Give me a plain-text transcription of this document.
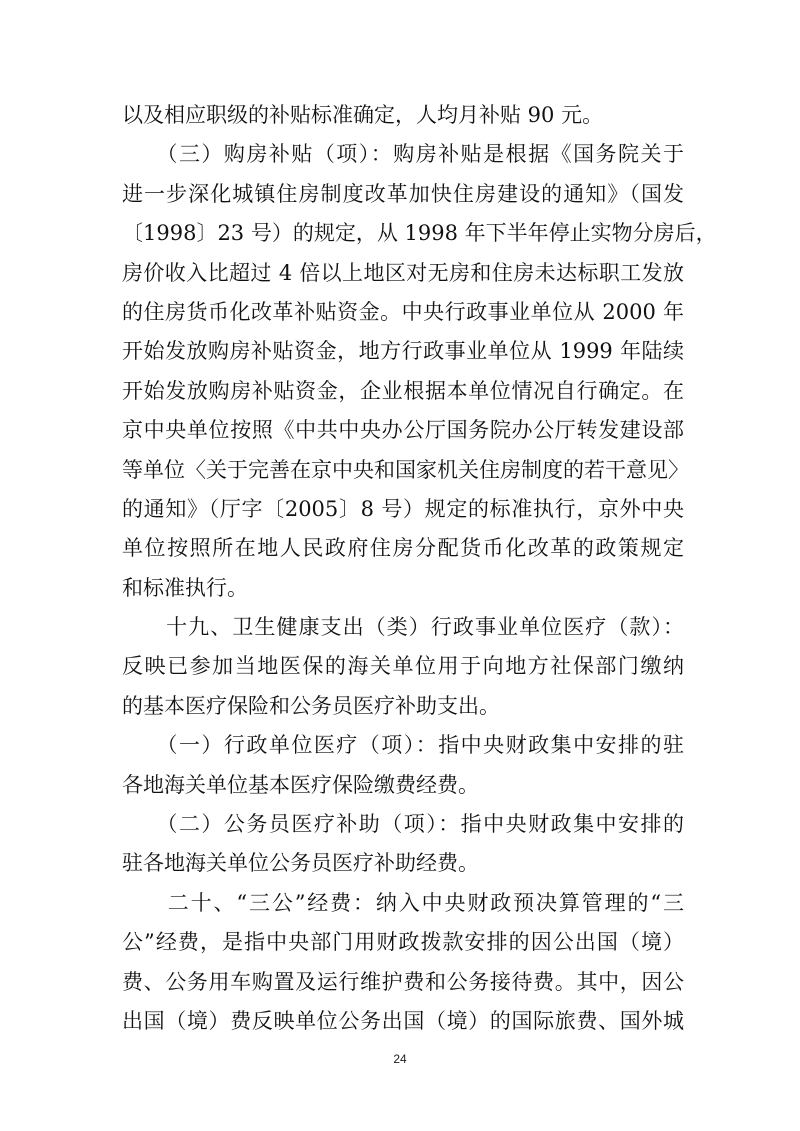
以及相应职级的补贴标准确定，人均月补贴 90 元。
　　（三）购房补贴（项）：购房补贴是根据《国务院关于
进一步深化城镇住房制度改革加快住房建设的通知》（国发
〔1998〕23 号）的规定，从 1998 年下半年停止实物分房后，
房价收入比超过 4 倍以上地区对无房和住房未达标职工发放
的住房货币化改革补贴资金。中央行政事业单位从 2000 年
开始发放购房补贴资金，地方行政事业单位从 1999 年陆续
开始发放购房补贴资金，企业根据本单位情况自行确定。在
京中央单位按照《中共中央办公厅国务院办公厅转发建设部
等单位〈关于完善在京中央和国家机关住房制度的若干意见〉
的通知》（厅字〔2005〕8 号）规定的标准执行，京外中央
单位按照所在地人民政府住房分配货币化改革的政策规定
和标准执行。
　　十九、卫生健康支出（类）行政事业单位医疗（款）：
反映已参加当地医保的海关单位用于向地方社保部门缴纳
的基本医疗保险和公务员医疗补助支出。
　　（一）行政单位医疗（项）：指中央财政集中安排的驻
各地海关单位基本医疗保险缴费经费。
　　（二）公务员医疗补助（项）：指中央财政集中安排的
驻各地海关单位公务员医疗补助经费。
　　二十、“三公”经费：纳入中央财政预决算管理的“三
公”经费，是指中央部门用财政拨款安排的因公出国（境）
费、公务用车购置及运行维护费和公务接待费。其中，因公
出国（境）费反映单位公务出国（境）的国际旅费、国外城
24
